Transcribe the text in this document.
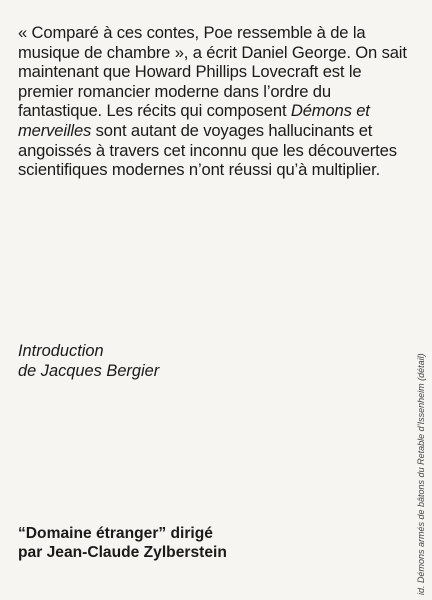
« Comparé à ces contes, Poe ressemble à de la musique de chambre », a écrit Daniel George. On sait maintenant que Howard Phillips Lovecraft est le premier romancier moderne dans l’ordre du fantastique. Les récits qui composent Démons et merveilles sont autant de voyages hallucinants et angoissés à travers cet inconnu que les découvertes scientifiques modernes n’ont réussi qu’à multiplier.
Introduction
de Jacques Bergier
“Domaine étranger” dirigé
par Jean-Claude Zylberstein	id. Démons armés de bâtons du Retable d’Issenheim (détail)
